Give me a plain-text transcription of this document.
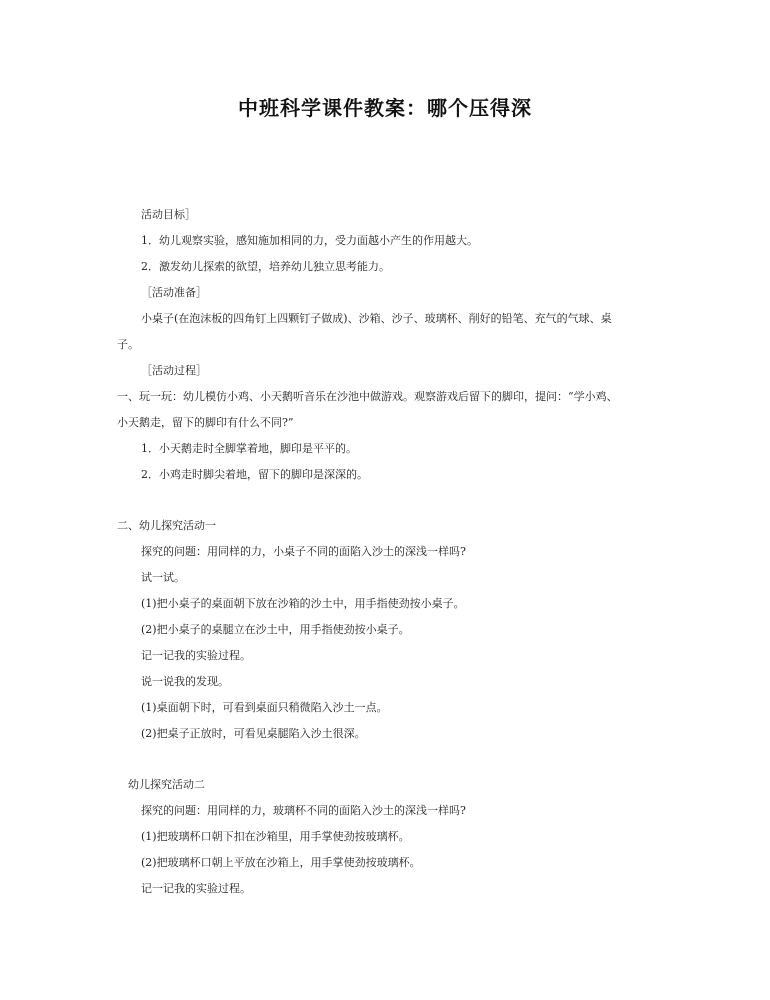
中班科学课件教案：哪个压得深
活动目标］
1．幼儿观察实验，感知施加相同的力，受力面越小产生的作用越大。
2．激发幼儿探索的欲望，培养幼儿独立思考能力。
［活动准备］
小桌子(在泡沫板的四角钉上四颗钉子做成)、沙箱、沙子、玻璃杯、削好的铅笔、充气的气球、桌
子。
［活动过程］
一、玩一玩：幼儿模仿小鸡、小天鹅听音乐在沙池中做游戏。观察游戏后留下的脚印，提问：“学小鸡、
小天鹅走，留下的脚印有什么不同?”
1．小天鹅走时全脚掌着地，脚印是平平的。
2．小鸡走时脚尖着地，留下的脚印是深深的。
二、幼儿探究活动一
探究的问题：用同样的力，小桌子不同的面陷入沙土的深浅一样吗?
试一试。
(1)把小桌子的桌面朝下放在沙箱的沙土中，用手指使劲按小桌子。
(2)把小桌子的桌腿立在沙土中，用手指使劲按小桌子。
记一记我的实验过程。
说一说我的发现。
(1)桌面朝下时，可看到桌面只稍微陷入沙土一点。
(2)把桌子正放时，可看见桌腿陷入沙土很深。
幼儿探究活动二
探究的问题：用同样的力，玻璃杯不同的面陷入沙土的深浅一样吗?
(1)把玻璃杯口朝下扣在沙箱里，用手掌使劲按玻璃杯。
(2)把玻璃杯口朝上平放在沙箱上，用手掌使劲按玻璃杯。
记一记我的实验过程。
